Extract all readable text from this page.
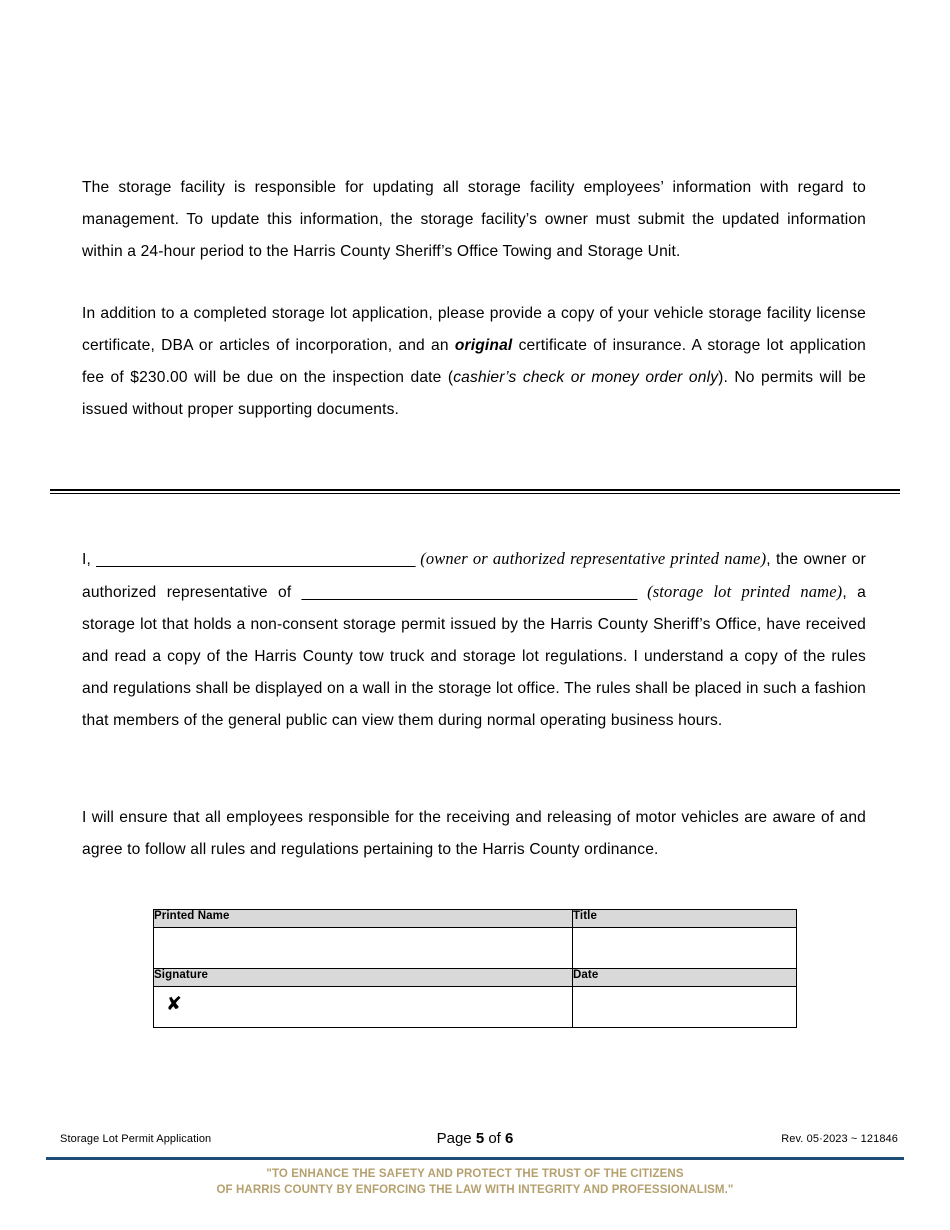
The storage facility is responsible for updating all storage facility employees’ information with regard to management. To update this information, the storage facility’s owner must submit the updated information within a 24-hour period to the Harris County Sheriff’s Office Towing and Storage Unit.

In addition to a completed storage lot application, please provide a copy of your vehicle storage facility license certificate, DBA or articles of incorporation, and an original certificate of insurance. A storage lot application fee of $230.00 will be due on the inspection date (cashier’s check or money order only). No permits will be issued without proper supporting documents.

I, _______________________________________ (owner or authorized representative printed name), the owner or authorized representative of _________________________________________ (storage lot printed name), a storage lot that holds a non-consent storage permit issued by the Harris County Sheriff’s Office, have received and read a copy of the Harris County tow truck and storage lot regulations. I understand a copy of the rules and regulations shall be displayed on a wall in the storage lot office. The rules shall be placed in such a fashion that members of the general public can view them during normal operating business hours.

I will ensure that all employees responsible for the receiving and releasing of motor vehicles are aware of and agree to follow all rules and regulations pertaining to the Harris County ordinance.

Printed Name	Title

Signature	Date

✘	

Storage Lot Permit Application	Page 5 of 6	Rev. 05·2023 ~ 121846
"TO ENHANCE THE SAFETY AND PROTECT THE TRUST OF THE CITIZENS
OF HARRIS COUNTY BY ENFORCING THE LAW WITH INTEGRITY AND PROFESSIONALISM."
